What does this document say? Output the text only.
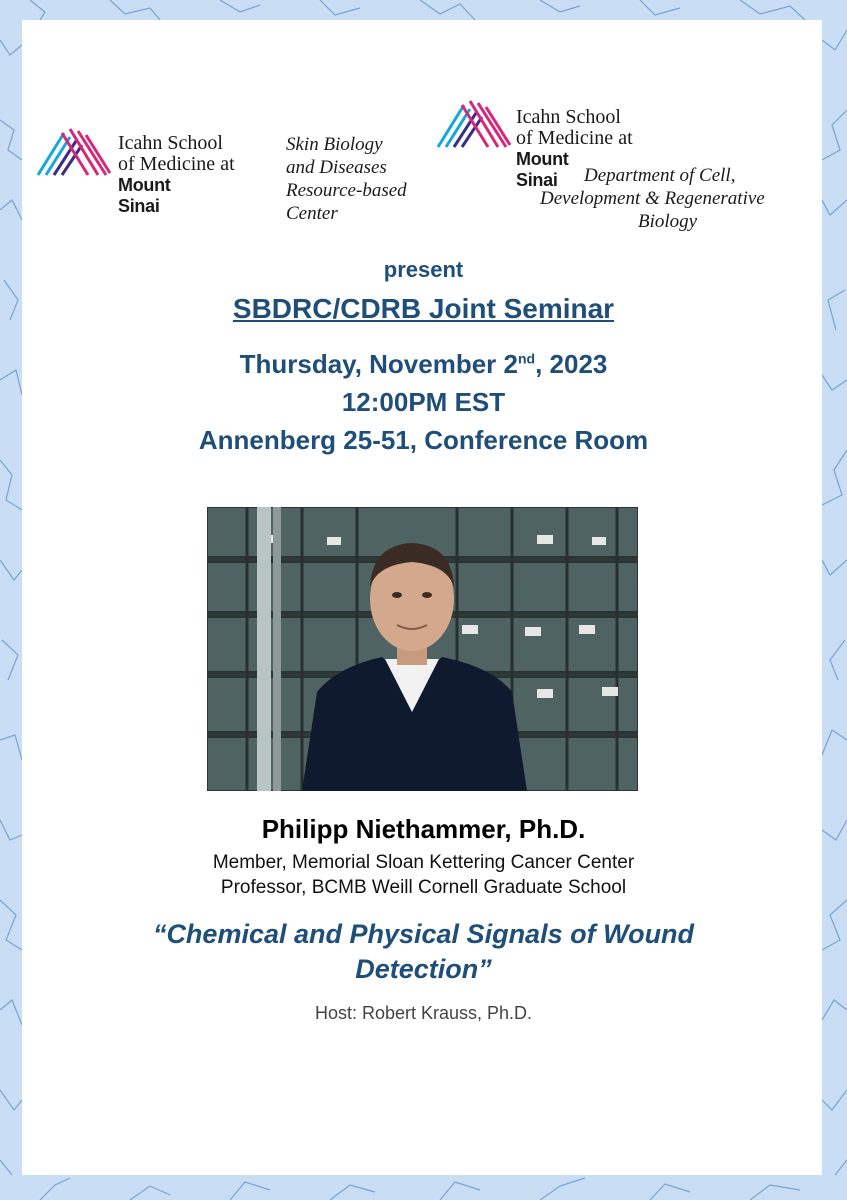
Icahn School
of Medicine at
Mount
Sinai
Skin Biology
and Diseases
Resource-based
Center
Icahn School
of Medicine at
Mount
Sinai	Department of Cell,
Development & Regenerative
Biology
present
SBDRC/CDRB Joint Seminar
Thursday, November 2nd, 2023
12:00PM EST
Annenberg 25-51, Conference Room
Philipp Niethammer, Ph.D.
Member, Memorial Sloan Kettering Cancer Center
Professor, BCMB Weill Cornell Graduate School
“Chemical and Physical Signals of Wound
Detection”
Host: Robert Krauss, Ph.D.
